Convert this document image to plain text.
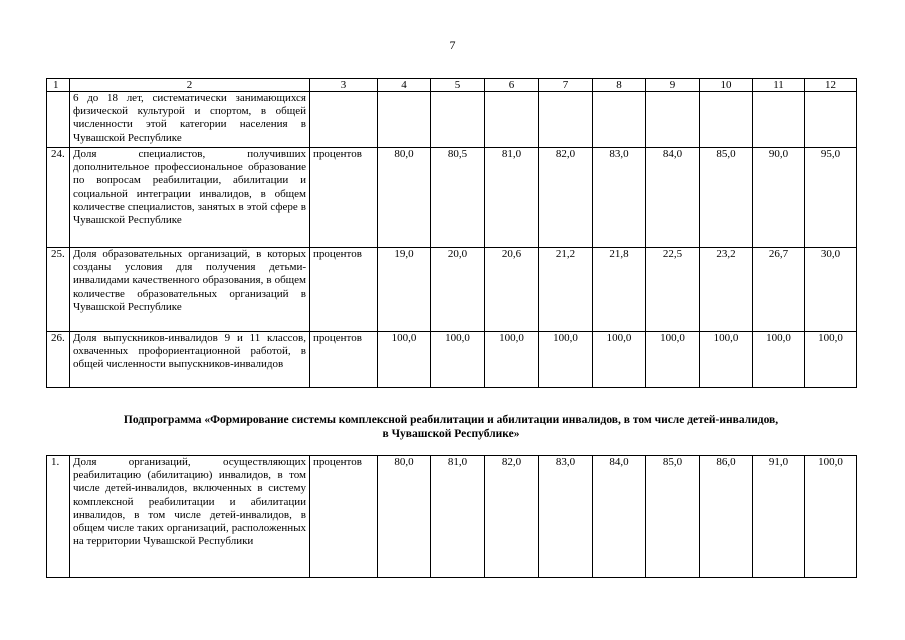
7
1	2	3	4	5	6	7	8	9	10	11	12
	6 до 18 лет, систематически занимающихся физической культурой и спортом, в общей численности этой категории населения в Чувашской Республике										
24.	Доля специалистов, получивших дополнительное профессиональное образование по вопросам реабилитации, абилитации и социальной интеграции инвалидов, в общем количестве специалистов, занятых в этой сфере в Чувашской Республике	процентов	80,0	80,5	81,0	82,0	83,0	84,0	85,0	90,0	95,0
25.	Доля образовательных организаций, в которых созданы условия для получения детьми-инвалидами качественного образования, в общем количестве образовательных организаций в Чувашской Республике	процентов	19,0	20,0	20,6	21,2	21,8	22,5	23,2	26,7	30,0
26.	Доля выпускников-инвалидов 9 и 11 классов, охваченных профориентационной работой, в общей численности выпускников-инвалидов	процентов	100,0	100,0	100,0	100,0	100,0	100,0	100,0	100,0	100,0
Подпрограмма «Формирование системы комплексной реабилитации и абилитации инвалидов, в том числе детей-инвалидов,
в Чувашской Республике»
1.	Доля организаций, осуществляющих реабилитацию (абилитацию) инвалидов, в том числе детей-инвалидов, включенных в систему комплексной реабилитации и абилитации инвалидов, в том числе детей-инвалидов, в общем числе таких организаций, расположенных на территории Чувашской Республики	процентов	80,0	81,0	82,0	83,0	84,0	85,0	86,0	91,0	100,0
